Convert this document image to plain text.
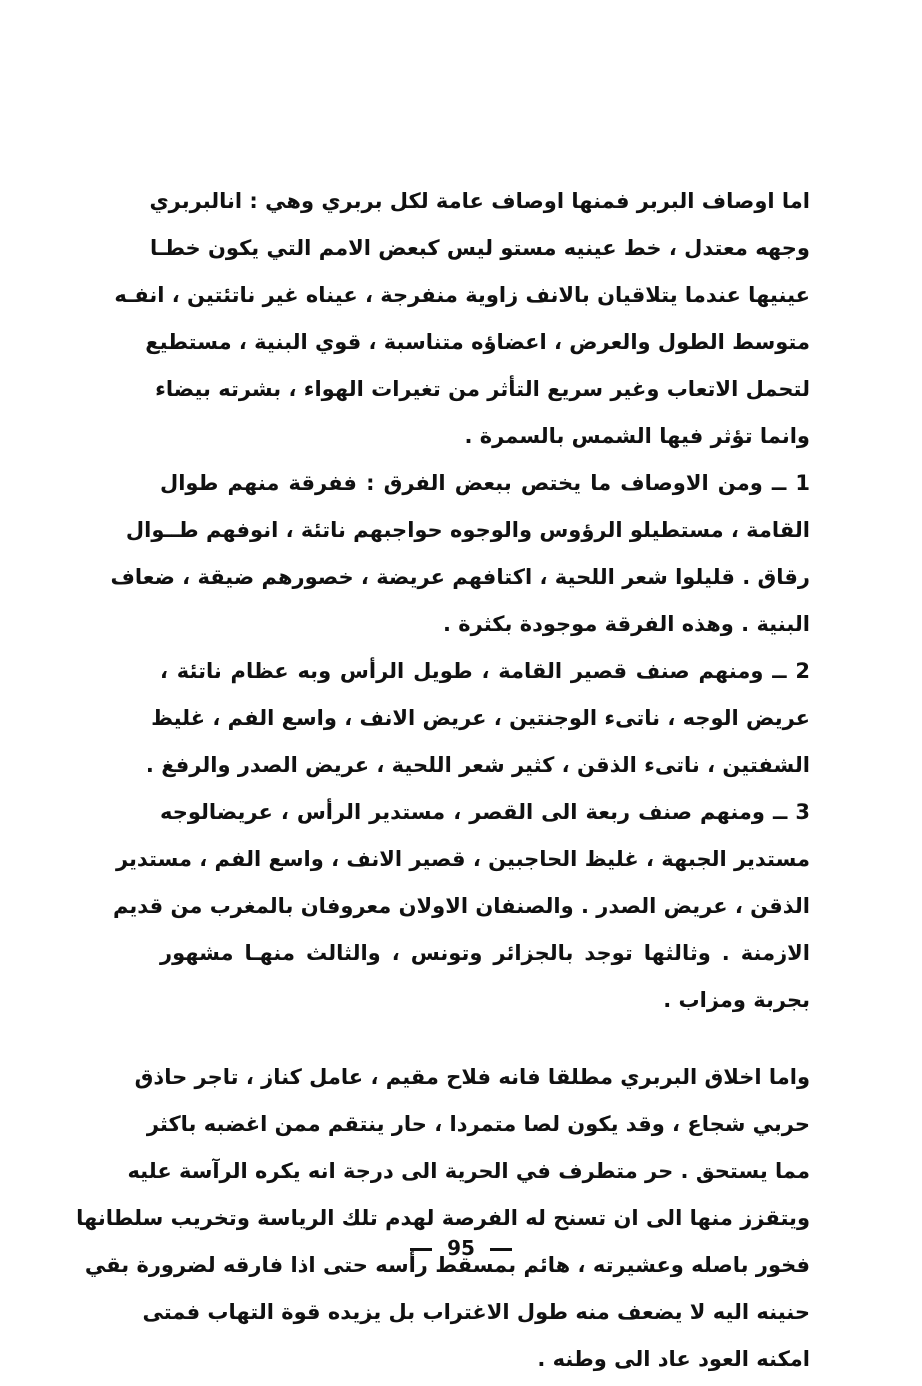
اما اوصاف البربر فمنها اوصاف عامة لكل بربري وهي : انالبربري
وجهه معتدل ، خط عينيه مستو ليس كبعض الامم التي يكون خطـا
عينيها عندما يتلاقيان بالانف زاوية منفرجة ، عيناه غير ناتئتين ، انفـه
متوسط الطول والعرض ، اعضاؤه متناسبة ، قوي البنية ، مستطيع
لتحمل الاتعاب وغير سريع التأثر من تغيرات الهواء ، بشرته بيضاء
وانما تؤثر فيها الشمس بالسمرة .
1 ــ ومن الاوصاف ما يختص ببعض الفرق : ففرقة منهم طوال
القامة ، مستطيلو الرؤوس والوجوه حواجبهم ناتئة ، انوفهم طــوال
رقاق . قليلوا شعر اللحية ، اكتافهم عريضة ، خصورهم ضيقة ، ضعاف
البنية . وهذه الفرقة موجودة بكثرة .
2 ــ ومنهم صنف قصير القامة ، طويل الرأس وبه عظام ناتئة ،
عريض الوجه ، ناتىء الوجنتين ، عريض الانف ، واسع الفم ، غليظ
الشفتين ، ناتىء الذقن ، كثير شعر اللحية ، عريض الصدر والرفغ .
3 ــ ومنهم صنف ربعة الى القصر ، مستدير الرأس ، عريضالوجه
مستدير الجبهة ، غليظ الحاجبين ، قصير الانف ، واسع الفم ، مستدير
الذقن ، عريض الصدر . والصنفان الاولان معروفان بالمغرب من قديم
الازمنة . وثالثها توجد بالجزائر وتونس ، والثالث منهـا مشهور
بجربة ومزاب .
واما اخلاق البربري مطلقا فانه فلاح مقيم ، عامل كناز ، تاجر حاذق
حربي شجاع ، وقد يكون لصا متمردا ، حار ينتقم ممن اغضبه باكثر
مما يستحق . حر متطرف في الحرية الى درجة انه يكره الرآسة عليه
ويتقزز منها الى ان تسنح له الفرصة لهدم تلك الرياسة وتخريب سلطانها
فخور باصله وعشيرته ، هائم بمسقط رأسه حتى اذا فارقه لضرورة بقي
حنينه اليه لا يضعف منه طول الاغتراب بل يزيده قوة التهاب فمتى
امكنه العود عاد الى وطنه .
95
